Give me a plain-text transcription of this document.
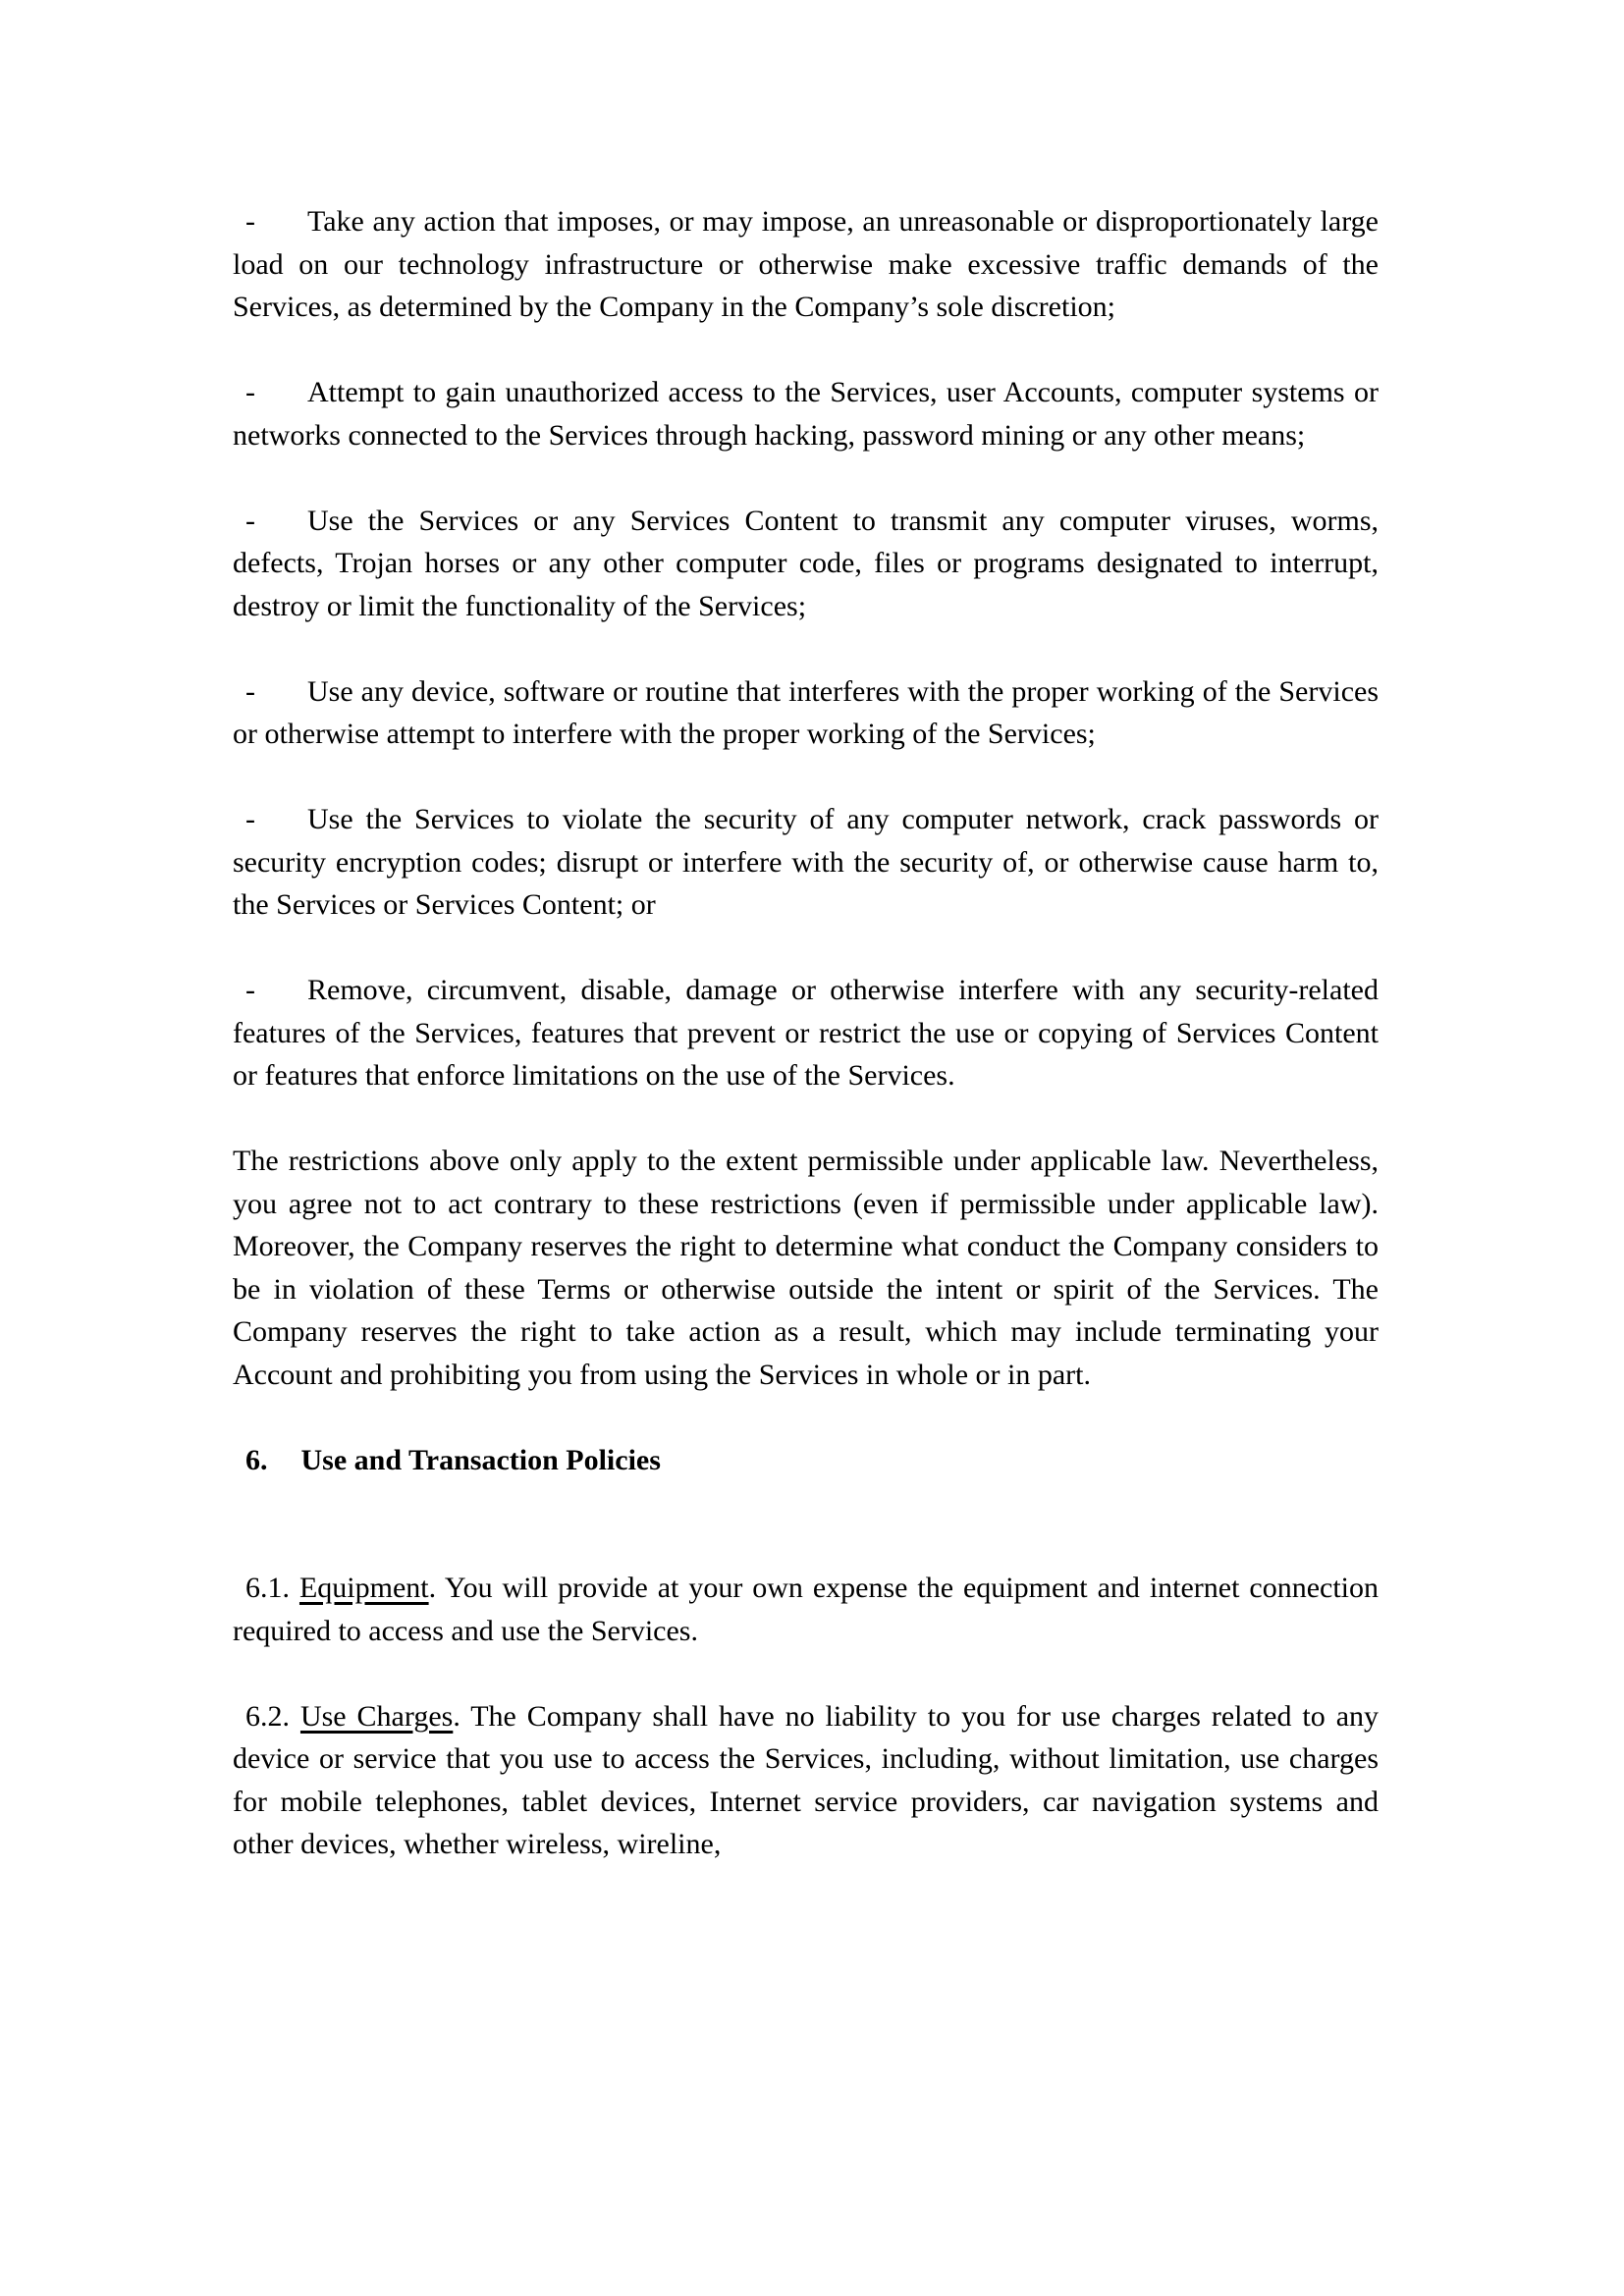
- Take any action that imposes, or may impose, an unreasonable or disproportionately large load on our technology infrastructure or otherwise make excessive traffic demands of the Services, as determined by the Company in the Company’s sole discretion;

- Attempt to gain unauthorized access to the Services, user Accounts, computer systems or networks connected to the Services through hacking, password mining or any other means;

- Use the Services or any Services Content to transmit any computer viruses, worms, defects, Trojan horses or any other computer code, files or programs designated to interrupt, destroy or limit the functionality of the Services;

- Use any device, software or routine that interferes with the proper working of the Services or otherwise attempt to interfere with the proper working of the Services;

- Use the Services to violate the security of any computer network, crack passwords or security encryption codes; disrupt or interfere with the security of, or otherwise cause harm to, the Services or Services Content; or

- Remove, circumvent, disable, damage or otherwise interfere with any security-related features of the Services, features that prevent or restrict the use or copying of Services Content or features that enforce limitations on the use of the Services.

The restrictions above only apply to the extent permissible under applicable law. Nevertheless, you agree not to act contrary to these restrictions (even if permissible under applicable law). Moreover, the Company reserves the right to determine what conduct the Company considers to be in violation of these Terms or otherwise outside the intent or spirit of the Services. The Company reserves the right to take action as a result, which may include terminating your Account and prohibiting you from using the Services in whole or in part.

6. Use and Transaction Policies

6.1. Equipment. You will provide at your own expense the equipment and internet connection required to access and use the Services.

6.2. Use Charges. The Company shall have no liability to you for use charges related to any device or service that you use to access the Services, including, without limitation, use charges for mobile telephones, tablet devices, Internet service providers, car navigation systems and other devices, whether wireless, wireline,
